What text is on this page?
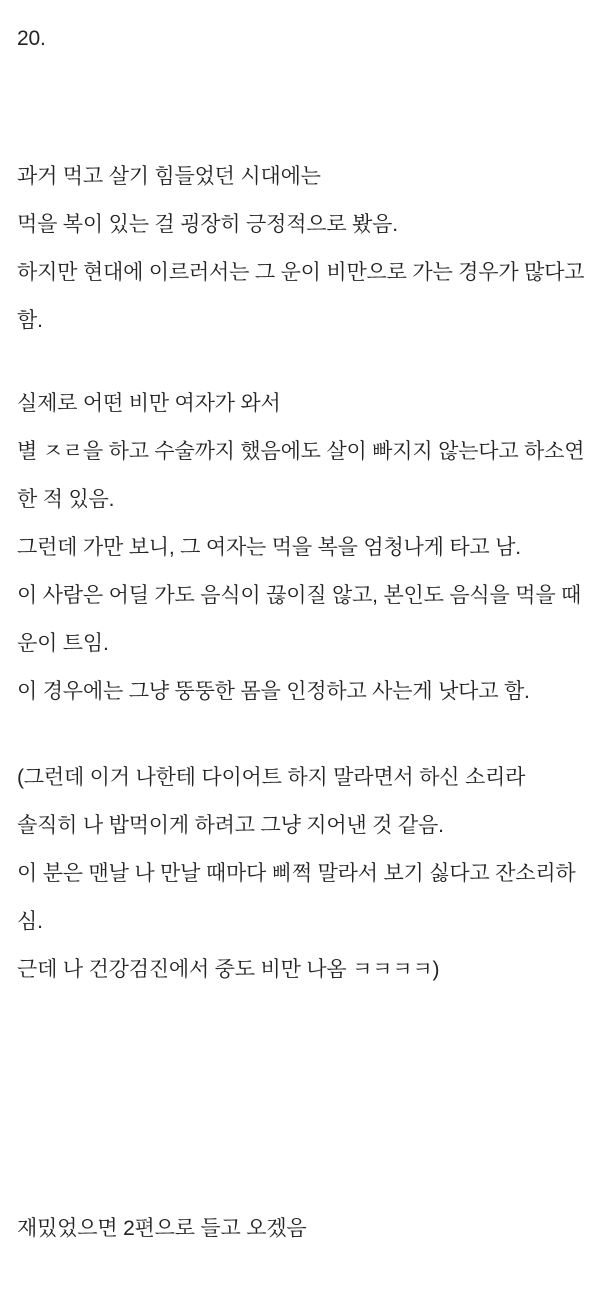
20.
과거 먹고 살기 힘들었던 시대에는
먹을 복이 있는 걸 굉장히 긍정적으로 봤음.
하지만 현대에 이르러서는 그 운이 비만으로 가는 경우가 많다고
함.
실제로 어떤 비만 여자가 와서
별 ㅈㄹ을 하고 수술까지 했음에도 살이 빠지지 않는다고 하소연
한 적 있음.
그런데 가만 보니, 그 여자는 먹을 복을 엄청나게 타고 남.
이 사람은 어딜 가도 음식이 끊이질 않고, 본인도 음식을 먹을 때
운이 트임.
이 경우에는 그냥 뚱뚱한 몸을 인정하고 사는게 낫다고 함.
(그런데 이거 나한테 다이어트 하지 말라면서 하신 소리라
솔직히 나 밥먹이게 하려고 그냥 지어낸 것 같음.
이 분은 맨날 나 만날 때마다 삐쩍 말라서 보기 싫다고 잔소리하
심.
근데 나 건강검진에서 중도 비만 나옴 ㅋㅋㅋㅋ)
재밌었으면 2편으로 들고 오겠음
